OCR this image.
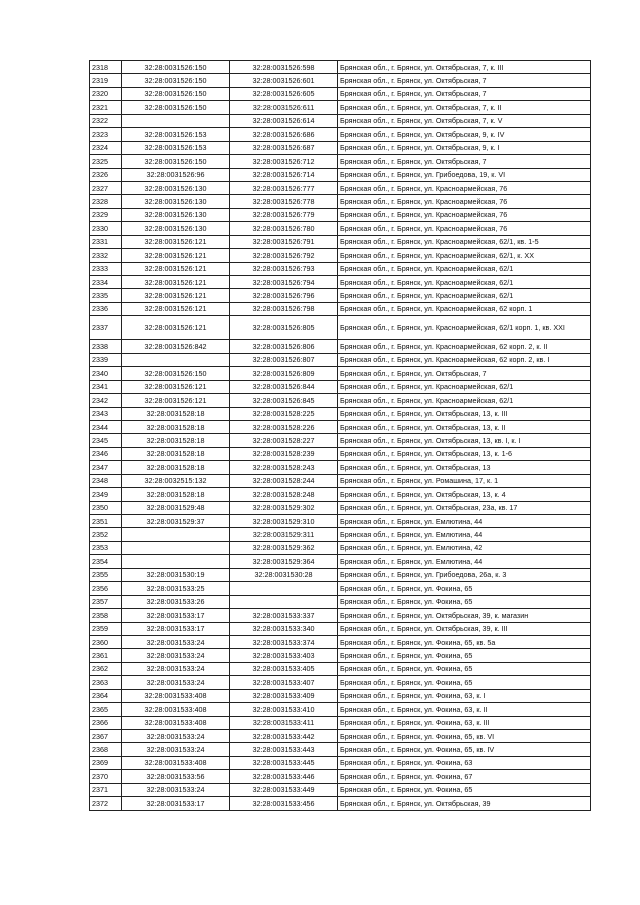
2318	32:28:0031526:150	32:28:0031526:598	Брянская обл., г. Брянск, ул. Октябрьская, 7, к. III
2319	32:28:0031526:150	32:28:0031526:601	Брянская обл., г. Брянск, ул. Октябрьская, 7
2320	32:28:0031526:150	32:28:0031526:605	Брянская обл., г. Брянск, ул. Октябрьская, 7
2321	32:28:0031526:150	32:28:0031526:611	Брянская обл., г. Брянск, ул. Октябрьская, 7, к. II
2322		32:28:0031526:614	Брянская обл., г. Брянск, ул. Октябрьская, 7, к. V
2323	32:28:0031526:153	32:28:0031526:686	Брянская обл., г. Брянск, ул. Октябрьская, 9, к. IV
2324	32:28:0031526:153	32:28:0031526:687	Брянская обл., г. Брянск, ул. Октябрьская, 9, к. I
2325	32:28:0031526:150	32:28:0031526:712	Брянская обл., г. Брянск, ул. Октябрьская, 7
2326	32:28:0031526:96	32:28:0031526:714	Брянская обл., г. Брянск, ул. Грибоедова, 19, к. VI
2327	32:28:0031526:130	32:28:0031526:777	Брянская обл., г. Брянск, ул. Красноармейская, 76
2328	32:28:0031526:130	32:28:0031526:778	Брянская обл., г. Брянск, ул. Красноармейская, 76
2329	32:28:0031526:130	32:28:0031526:779	Брянская обл., г. Брянск, ул. Красноармейская, 76
2330	32:28:0031526:130	32:28:0031526:780	Брянская обл., г. Брянск, ул. Красноармейская, 76
2331	32:28:0031526:121	32:28:0031526:791	Брянская обл., г. Брянск, ул. Красноармейская, 62/1, кв. 1-5
2332	32:28:0031526:121	32:28:0031526:792	Брянская обл., г. Брянск, ул. Красноармейская, 62/1, к. XX
2333	32:28:0031526:121	32:28:0031526:793	Брянская обл., г. Брянск, ул. Красноармейская, 62/1
2334	32:28:0031526:121	32:28:0031526:794	Брянская обл., г. Брянск, ул. Красноармейская, 62/1
2335	32:28:0031526:121	32:28:0031526:796	Брянская обл., г. Брянск, ул. Красноармейская, 62/1
2336	32:28:0031526:121	32:28:0031526:798	Брянская обл., г. Брянск, ул. Красноармейская, 62 корп. 1
2337	32:28:0031526:121	32:28:0031526:805	Брянская обл., г. Брянск, ул. Красноармейская, 62/1 корп. 1, кв. XXI
2338	32:28:0031526:842	32:28:0031526:806	Брянская обл., г. Брянск, ул. Красноармейская, 62 корп. 2, к. II
2339		32:28:0031526:807	Брянская обл., г. Брянск, ул. Красноармейская, 62 корп. 2, кв. I
2340	32:28:0031526:150	32:28:0031526:809	Брянская обл., г. Брянск, ул. Октябрьская, 7
2341	32:28:0031526:121	32:28:0031526:844	Брянская обл., г. Брянск, ул. Красноармейская, 62/1
2342	32:28:0031526:121	32:28:0031526:845	Брянская обл., г. Брянск, ул. Красноармейская, 62/1
2343	32:28:0031528:18	32:28:0031528:225	Брянская обл., г. Брянск, ул. Октябрьская, 13, к. III
2344	32:28:0031528:18	32:28:0031528:226	Брянская обл., г. Брянск, ул. Октябрьская, 13, к. II
2345	32:28:0031528:18	32:28:0031528:227	Брянская обл., г. Брянск, ул. Октябрьская, 13, кв. I, к. I
2346	32:28:0031528:18	32:28:0031528:239	Брянская обл., г. Брянск, ул. Октябрьская, 13, к. 1-6
2347	32:28:0031528:18	32:28:0031528:243	Брянская обл., г. Брянск, ул. Октябрьская, 13
2348	32:28:0032515:132	32:28:0031528:244	Брянская обл., г. Брянск, ул. Ромашина, 17, к. 1
2349	32:28:0031528:18	32:28:0031528:248	Брянская обл., г. Брянск, ул. Октябрьская, 13, к. 4
2350	32:28:0031529:48	32:28:0031529:302	Брянская обл., г. Брянск, ул. Октябрьская, 23а, кв. 17
2351	32:28:0031529:37	32:28:0031529:310	Брянская обл., г. Брянск, ул. Емлютина, 44
2352		32:28:0031529:311	Брянская обл., г. Брянск, ул. Емлютина, 44
2353		32:28:0031529:362	Брянская обл., г. Брянск, ул. Емлютина, 42
2354		32:28:0031529:364	Брянская обл., г. Брянск, ул. Емлютина, 44
2355	32:28:0031530:19	32:28:0031530:28	Брянская обл., г. Брянск, ул. Грибоедова, 26а, к. 3
2356	32:28:0031533:25		Брянская обл., г. Брянск, ул. Фокина, 65
2357	32:28:0031533:26		Брянская обл., г. Брянск, ул. Фокина, 65
2358	32:28:0031533:17	32:28:0031533:337	Брянская обл., г. Брянск, ул. Октябрьская, 39, к. магазин
2359	32:28:0031533:17	32:28:0031533:340	Брянская обл., г. Брянск, ул. Октябрьская, 39, к. III
2360	32:28:0031533:24	32:28:0031533:374	Брянская обл., г. Брянск, ул. Фокина, 65, кв. 5а
2361	32:28:0031533:24	32:28:0031533:403	Брянская обл., г. Брянск, ул. Фокина, 65
2362	32:28:0031533:24	32:28:0031533:405	Брянская обл., г. Брянск, ул. Фокина, 65
2363	32:28:0031533:24	32:28:0031533:407	Брянская обл., г. Брянск, ул. Фокина, 65
2364	32:28:0031533:408	32:28:0031533:409	Брянская обл., г. Брянск, ул. Фокина, 63, к. I
2365	32:28:0031533:408	32:28:0031533:410	Брянская обл., г. Брянск, ул. Фокина, 63, к. II
2366	32:28:0031533:408	32:28:0031533:411	Брянская обл., г. Брянск, ул. Фокина, 63, к. III
2367	32:28:0031533:24	32:28:0031533:442	Брянская обл., г. Брянск, ул. Фокина, 65, кв. VI
2368	32:28:0031533:24	32:28:0031533:443	Брянская обл., г. Брянск, ул. Фокина, 65, кв. IV
2369	32:28:0031533:408	32:28:0031533:445	Брянская обл., г. Брянск, ул. Фокина, 63
2370	32:28:0031533:56	32:28:0031533:446	Брянская обл., г. Брянск, ул. Фокина, 67
2371	32:28:0031533:24	32:28:0031533:449	Брянская обл., г. Брянск, ул. Фокина, 65
2372	32:28:0031533:17	32:28:0031533:456	Брянская обл., г. Брянск, ул. Октябрьская, 39
